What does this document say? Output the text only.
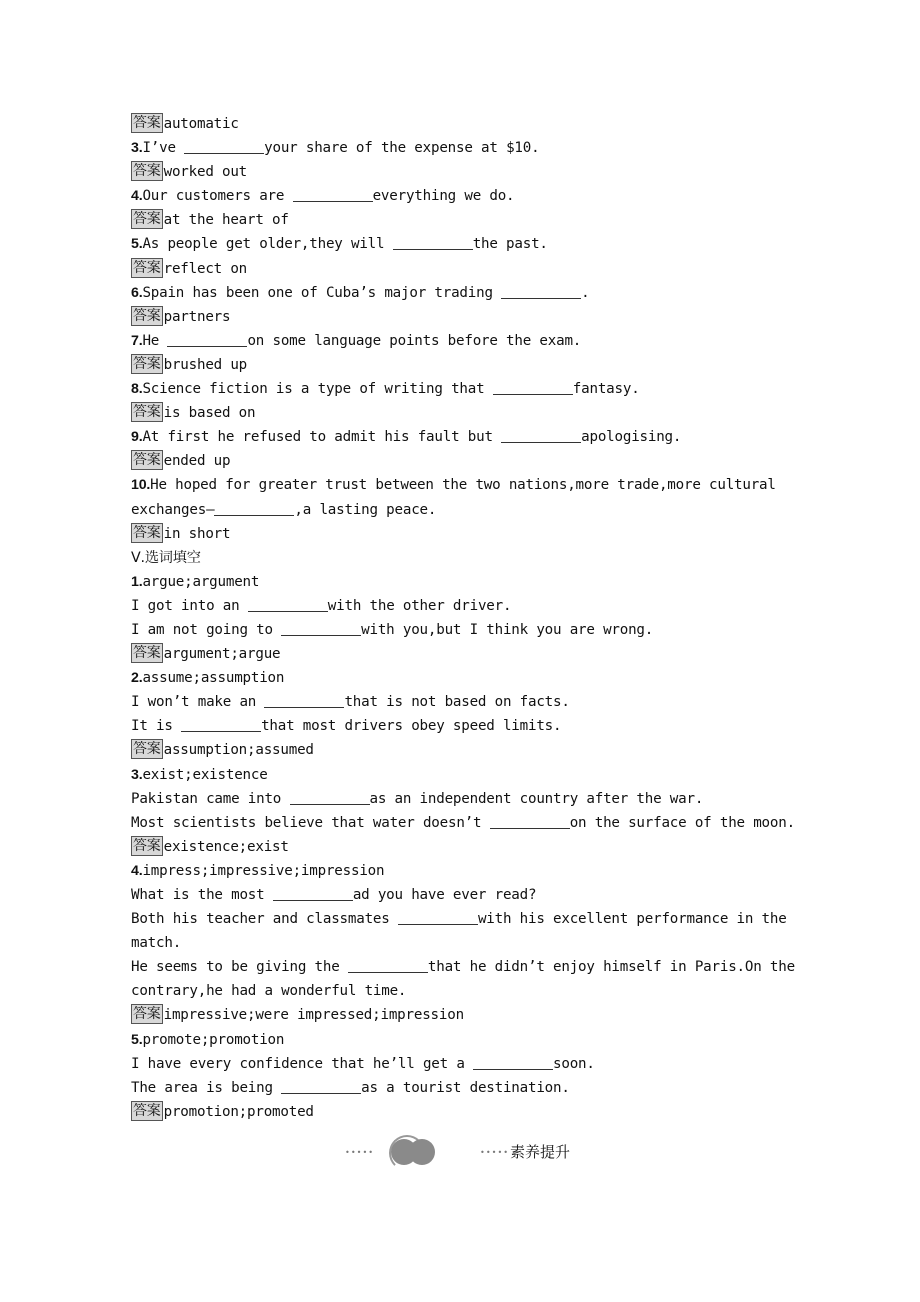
答案 automatic
3.I’ve	your share of the expense at $10.
答案 worked out
4.Our customers are	everything we do.
答案 at the heart of
5.As people get older,they will	the past.
答案 reflect on
6.Spain has been one of Cuba’s major trading	.
答案 partners
7.He	on some language points before the exam.
答案 brushed up
8.Science fiction is a type of writing that	fantasy.
答案 is based on
9.At first he refused to admit his fault but	apologising.
答案 ended up
10.He hoped for greater trust between the two nations,more trade,more cultural
exchanges—	,a lasting peace.
答案 in short
Ⅴ.选词填空
1.argue;argument
I got into an	with the other driver.
I am not going to	with you,but I think you are wrong.
答案 argument;argue
2.assume;assumption
I won’t make an	that is not based on facts.
It is	that most drivers obey speed limits.
答案 assumption;assumed
3.exist;existence
Pakistan came into	as an independent country after the war.
Most scientists believe that water doesn’t	on the surface of the moon.
答案 existence;exist
4.impress;impressive;impression
What is the most	ad you have ever read?
Both his teacher and classmates	with his excellent performance in the
match.
He seems to be giving the	that he didn’t enjoy himself in Paris.On the
contrary,he had a wonderful time.
答案 impressive;were impressed;impression
5.promote;promotion
I have every confidence that he’ll get a	soon.
The area is being	as a tourist destination.
答案 promotion;promoted
•••••	••••• 素养提升
